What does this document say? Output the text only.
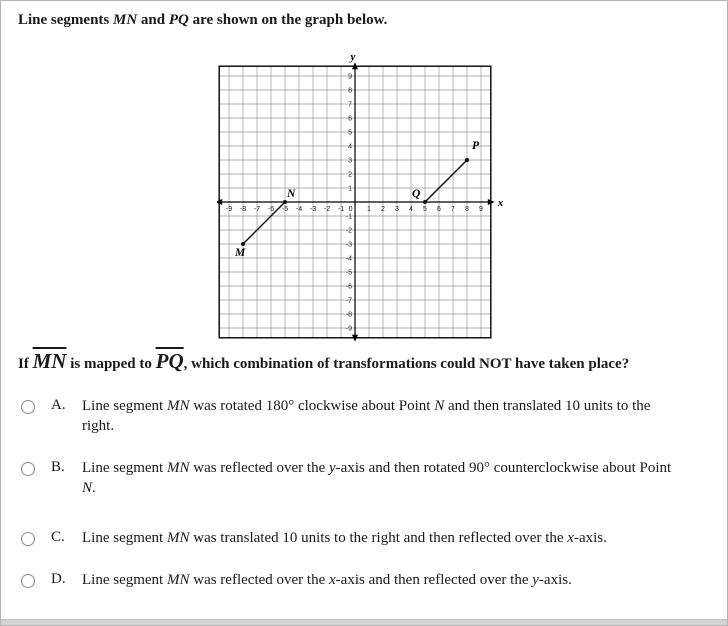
Line segments MN and PQ are shown on the graph below.
y
x
-9
-9
-8
-8
-7
-7
-6
-6
-5
-5
-4
-4
-3
-3
-2
-2
-1
-1
1
1
2
2
3
3
4
4
5
5
6
6
7
7
8
8
9
9
0
M
N	Q
P
If $\overline{MN}$ is mapped to $\overline{PQ}$, which combination of transformations could NOT have taken place?
A.	Line segment MN was rotated 180° clockwise about Point N and then translated 10 units to the right.
B.	Line segment MN was reflected over the y-axis and then rotated 90° counterclockwise about Point N.
C.	Line segment MN was translated 10 units to the right and then reflected over the x-axis.
D.	Line segment MN was reflected over the x-axis and then reflected over the y-axis.
